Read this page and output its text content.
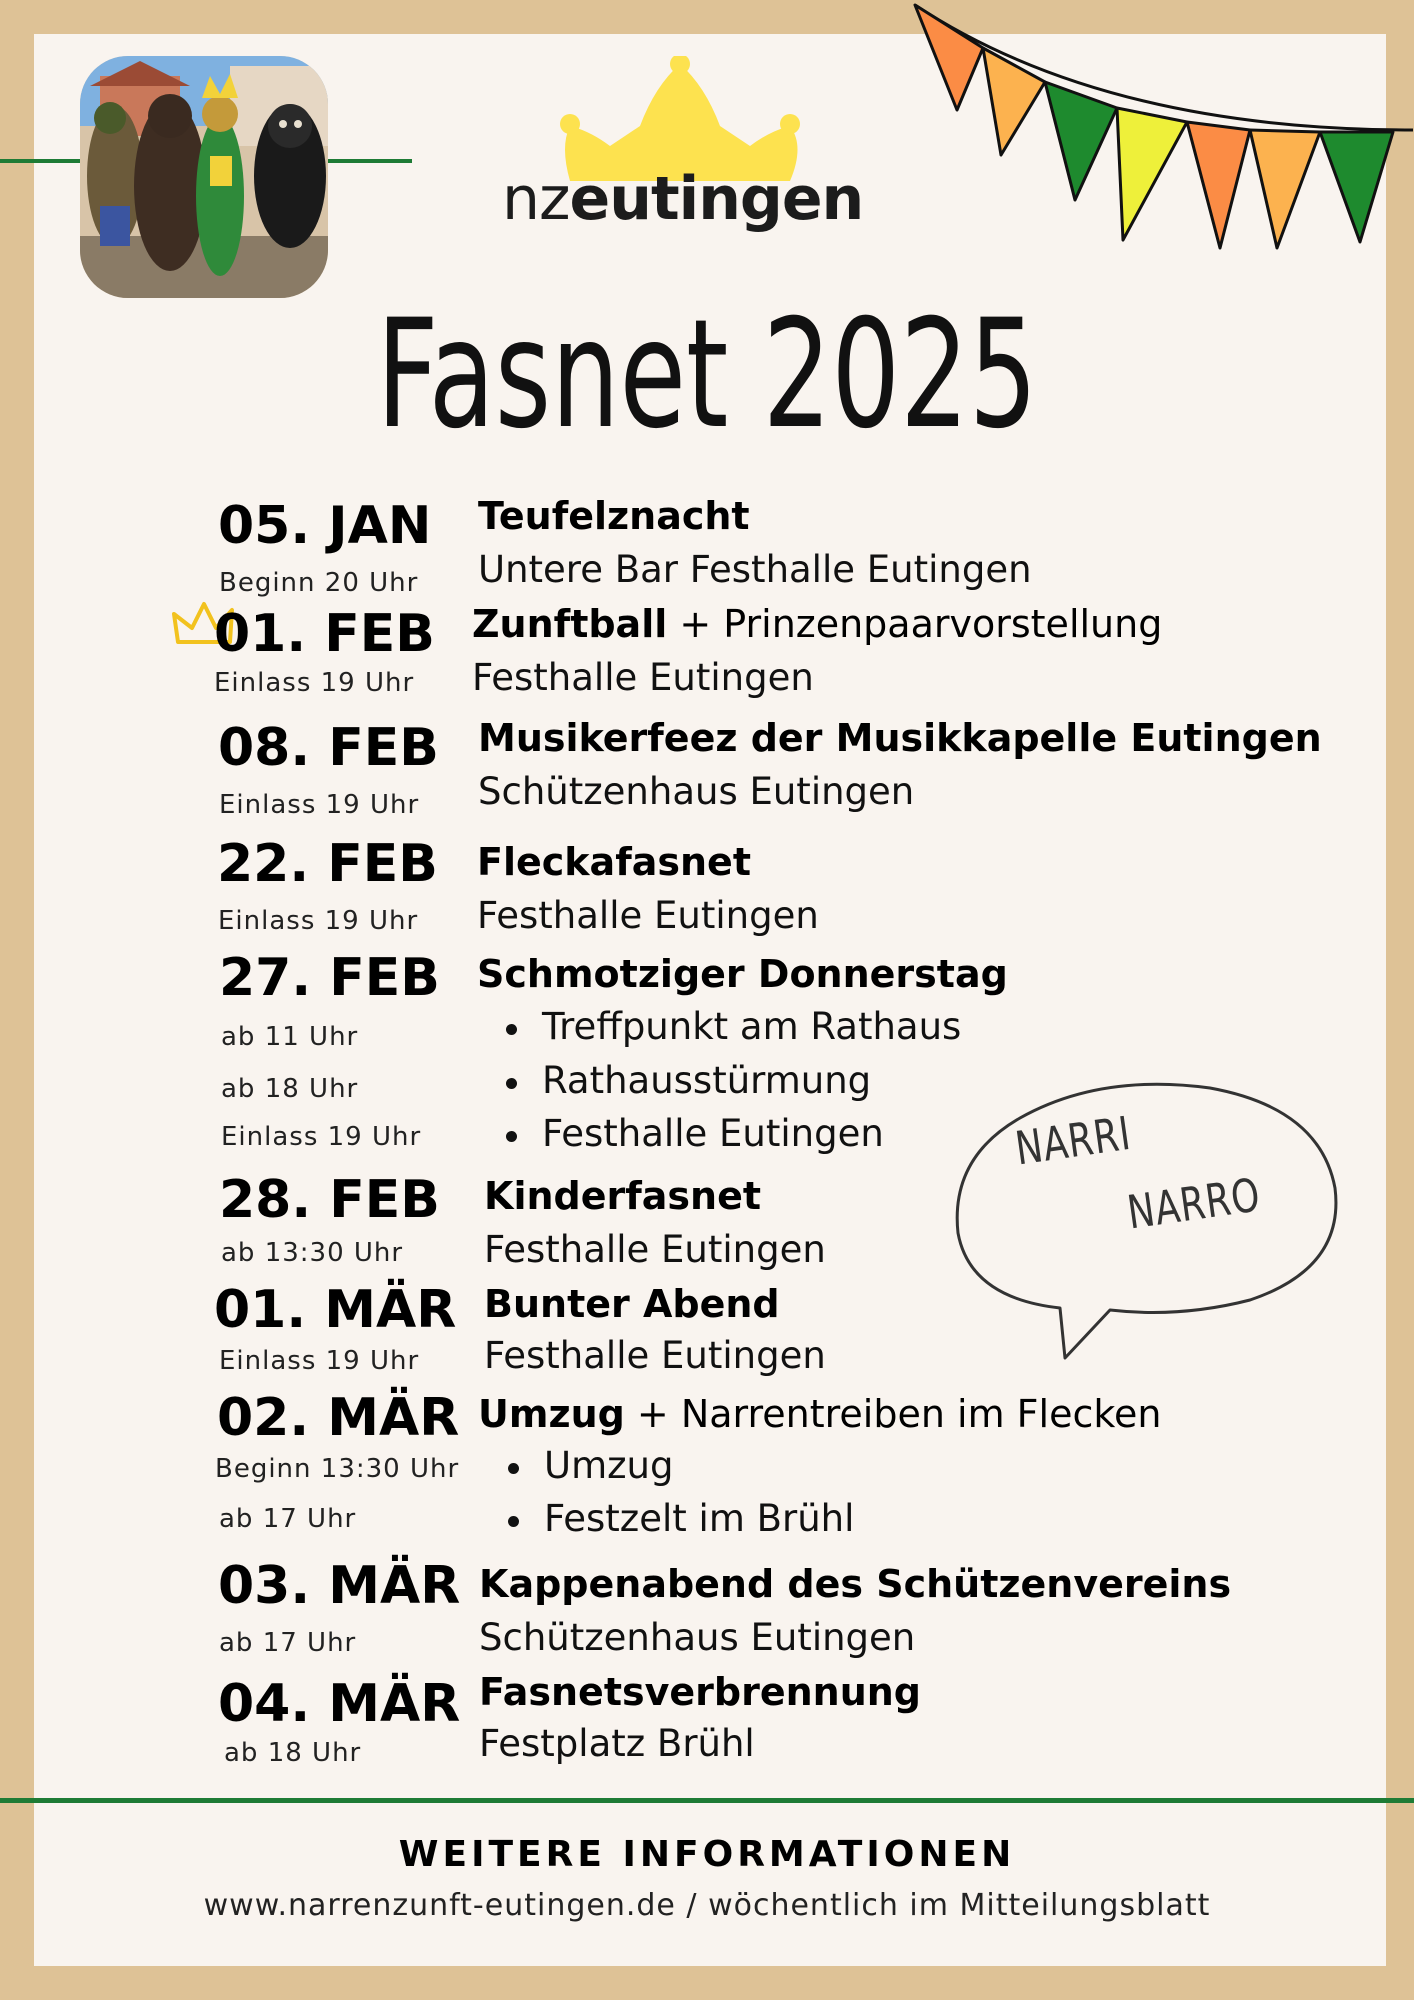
nzeutingen
Fasnet 2025
05. JAN
Beginn 20 Uhr
Teufelznacht
Untere Bar Festhalle Eutingen
01. FEB
Einlass 19 Uhr
Zunftball + Prinzenpaarvorstellung
Festhalle Eutingen
08. FEB
Einlass 19 Uhr
Musikerfeez der Musikkapelle Eutingen
Schützenhaus Eutingen
22. FEB
Einlass 19 Uhr
Fleckafasnet
Festhalle Eutingen
27. FEB
ab 11 Uhr
ab 18 Uhr
Einlass 19 Uhr
Schmotziger Donnerstag
Treffpunkt am Rathaus
Rathausstürmung
Festhalle Eutingen
28. FEB
ab 13:30 Uhr
Kinderfasnet
Festhalle Eutingen
01. MÄR
Einlass 19 Uhr
Bunter Abend
Festhalle Eutingen
02. MÄR
Beginn 13:30 Uhr
ab 17 Uhr
Umzug + Narrentreiben im Flecken
Umzug
Festzelt im Brühl
03. MÄR
ab 17 Uhr
Kappenabend des Schützenvereins
Schützenhaus Eutingen
04. MÄR
ab 18 Uhr
Fasnetsverbrennung
Festplatz Brühl
NARRI
NARRO
WEITERE INFORMATIONEN
www.narrenzunft-eutingen.de / wöchentlich im Mitteilungsblatt
